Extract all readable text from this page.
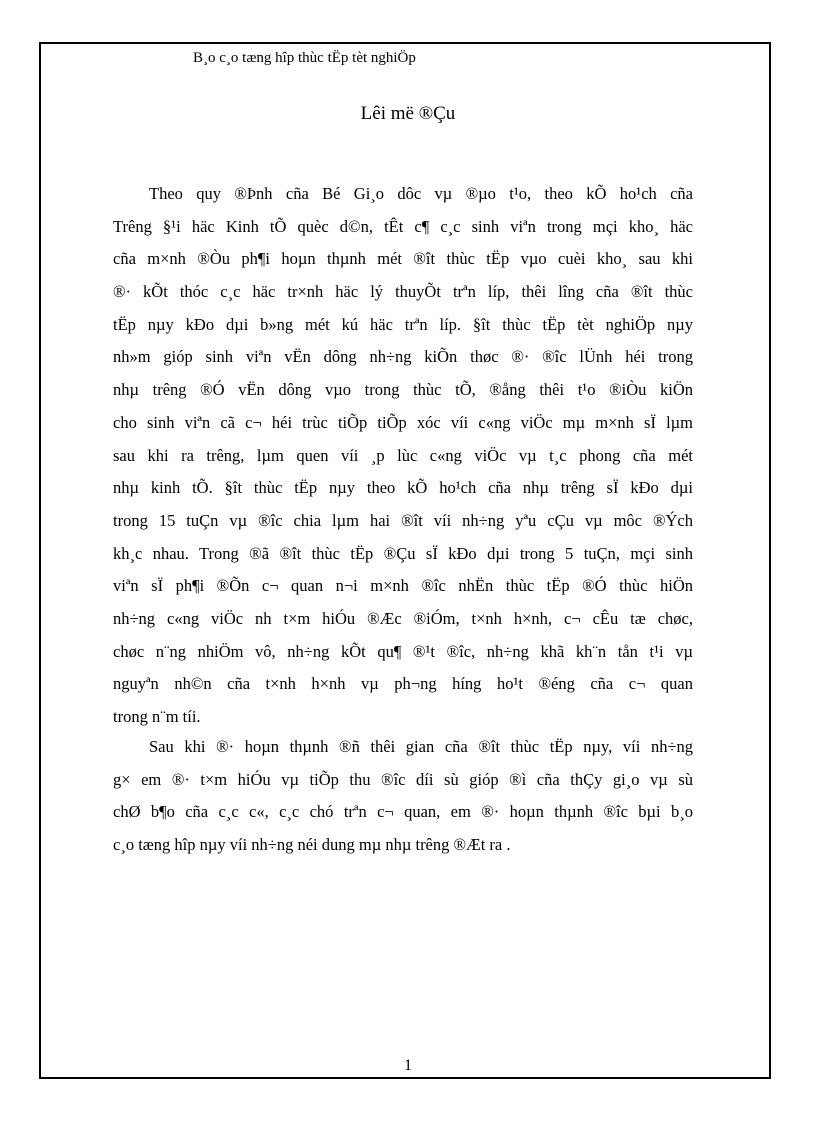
B¸o c¸o tæng hîp thùc tËp tèt nghiÖp
Lêi më ®Çu
Theo quy ®Þnh cña Bé Gi¸o dôc vµ ®µo t¹o, theo kÕ ho¹ch cña
Trêng §¹i häc Kinh tÕ quèc d©n, tÊt c¶ c¸c sinh viªn trong mçi kho¸ häc
cña m×nh ®Òu ph¶i hoµn thµnh mét ®ît thùc tËp vµo cuèi kho¸ sau khi
®· kÕt thóc c¸c häc tr×nh häc lý thuyÕt trªn líp, thêi lîng cña ®ît thùc
tËp nµy kÐo dµi b»ng mét kú häc trªn líp. §ît thùc tËp tèt nghiÖp nµy
nh»m gióp sinh viªn vËn dông nh÷ng kiÕn thøc ®· ®îc lÜnh héi trong
nhµ trêng ®Ó vËn dông vµo trong thùc tÕ, ®ång thêi t¹o ®iÒu kiÖn
cho sinh viªn cã c¬ héi trùc tiÕp tiÕp xóc víi c«ng viÖc mµ m×nh sÏ lµm
sau khi ra trêng, lµm quen víi ¸p lùc c«ng viÖc vµ t¸c phong cña mét
nhµ kinh tÕ. §ît thùc tËp nµy theo kÕ ho¹ch cña nhµ trêng sÏ kÐo dµi
trong 15 tuÇn vµ ®îc chia lµm hai ®ît víi nh÷ng yªu cÇu vµ môc ®Ých
kh¸c nhau. Trong ®ã ®ît thùc tËp ®Çu sÏ kÐo dµi trong 5 tuÇn, mçi sinh
viªn sÏ ph¶i ®Õn c¬ quan n¬i m×nh ®îc nhËn thùc tËp ®Ó thùc hiÖn
nh÷ng c«ng viÖc nh t×m hiÓu ®Æc ®iÓm, t×nh h×nh, c¬ cÊu tæ chøc,
chøc n¨ng nhiÖm vô, nh÷ng kÕt qu¶ ®¹t ®îc, nh÷ng khã kh¨n tån t¹i vµ
nguyªn nh©n cña t×nh h×nh vµ ph¬ng híng ho¹t ®éng cña c¬ quan
trong n¨m tíi.
Sau khi ®· hoµn thµnh ®ñ thêi gian cña ®ît thùc tËp nµy, víi nh÷ng
g× em ®· t×m hiÓu vµ tiÕp thu ®îc díi sù gióp ®ì cña thÇy gi¸o vµ sù
chØ b¶o cña c¸c c«, c¸c chó trªn c¬ quan, em ®· hoµn thµnh ®îc bµi b¸o
c¸o tæng hîp nµy víi nh÷ng néi dung mµ nhµ trêng ®Æt ra .
1
